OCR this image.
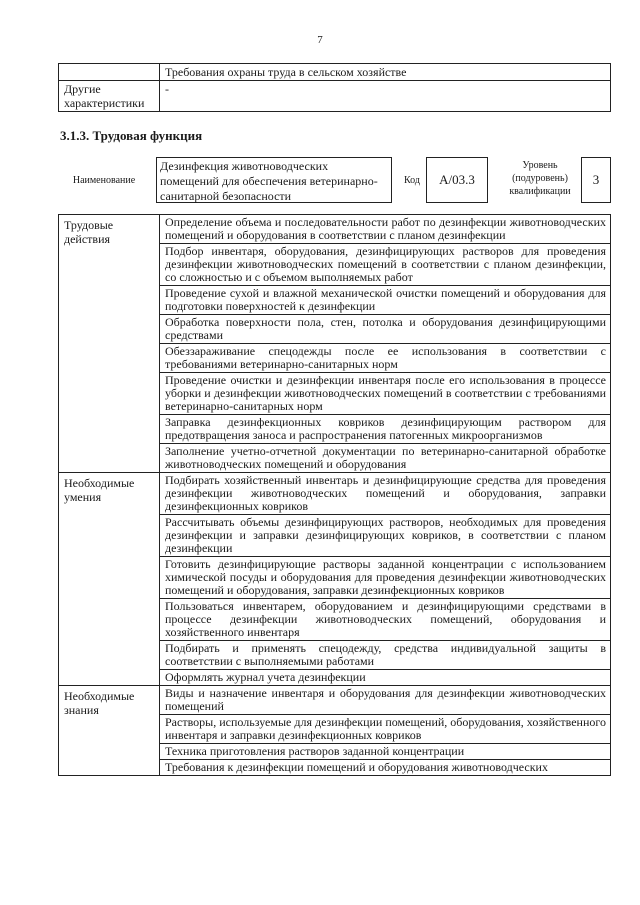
7
	Требования охраны труда в сельском хозяйстве
Другие характеристики	-
3.1.3. Трудовая функция
Наименование
Дезинфекция животноводческих помещений для обеспечения ветеринарно-санитарной безопасности
Код	А/03.3
Уровень (подуровень) квалификации
3
Трудовые действия	Определение объема и последовательности работ по дезинфекции животноводческих помещений и оборудования в соответствии с планом дезинфекции
	Подбор инвентаря, оборудования, дезинфицирующих растворов для проведения дезинфекции животноводческих помещений в соответствии с планом дезинфекции, со сложностью и с объемом выполняемых работ
	Проведение сухой и влажной механической очистки помещений и оборудования для подготовки поверхностей к дезинфекции
	Обработка поверхности пола, стен, потолка и оборудования дезинфицирующими средствами
	Обеззараживание спецодежды после ее использования в соответствии с требованиями ветеринарно-санитарных норм
	Проведение очистки и дезинфекции инвентаря после его использования в процессе уборки и дезинфекции животноводческих помещений в соответствии с требованиями ветеринарно-санитарных норм
	Заправка дезинфекционных ковриков дезинфицирующим раствором для предотвращения заноса и распространения патогенных микроорганизмов
	Заполнение учетно-отчетной документации по ветеринарно-санитарной обработке животноводческих помещений и оборудования
Необходимые умения	Подбирать хозяйственный инвентарь и дезинфицирующие средства для проведения дезинфекции животноводческих помещений и оборудования, заправки дезинфекционных ковриков
	Рассчитывать объемы дезинфицирующих растворов, необходимых для проведения дезинфекции и заправки дезинфицирующих ковриков, в соответствии с планом дезинфекции
	Готовить дезинфицирующие растворы заданной концентрации с использованием химической посуды и оборудования для проведения дезинфекции животноводческих помещений и оборудования, заправки дезинфекционных ковриков
	Пользоваться инвентарем, оборудованием и дезинфицирующими средствами в процессе дезинфекции животноводческих помещений, оборудования и хозяйственного инвентаря
	Подбирать и применять спецодежду, средства индивидуальной защиты в соответствии с выполняемыми работами
	Оформлять журнал учета дезинфекции
Необходимые знания	Виды и назначение инвентаря и оборудования для дезинфекции животноводческих помещений
	Растворы, используемые для дезинфекции помещений, оборудования, хозяйственного инвентаря и заправки дезинфекционных ковриков
	Техника приготовления растворов заданной концентрации
	Требования к дезинфекции помещений и оборудования животноводческих
